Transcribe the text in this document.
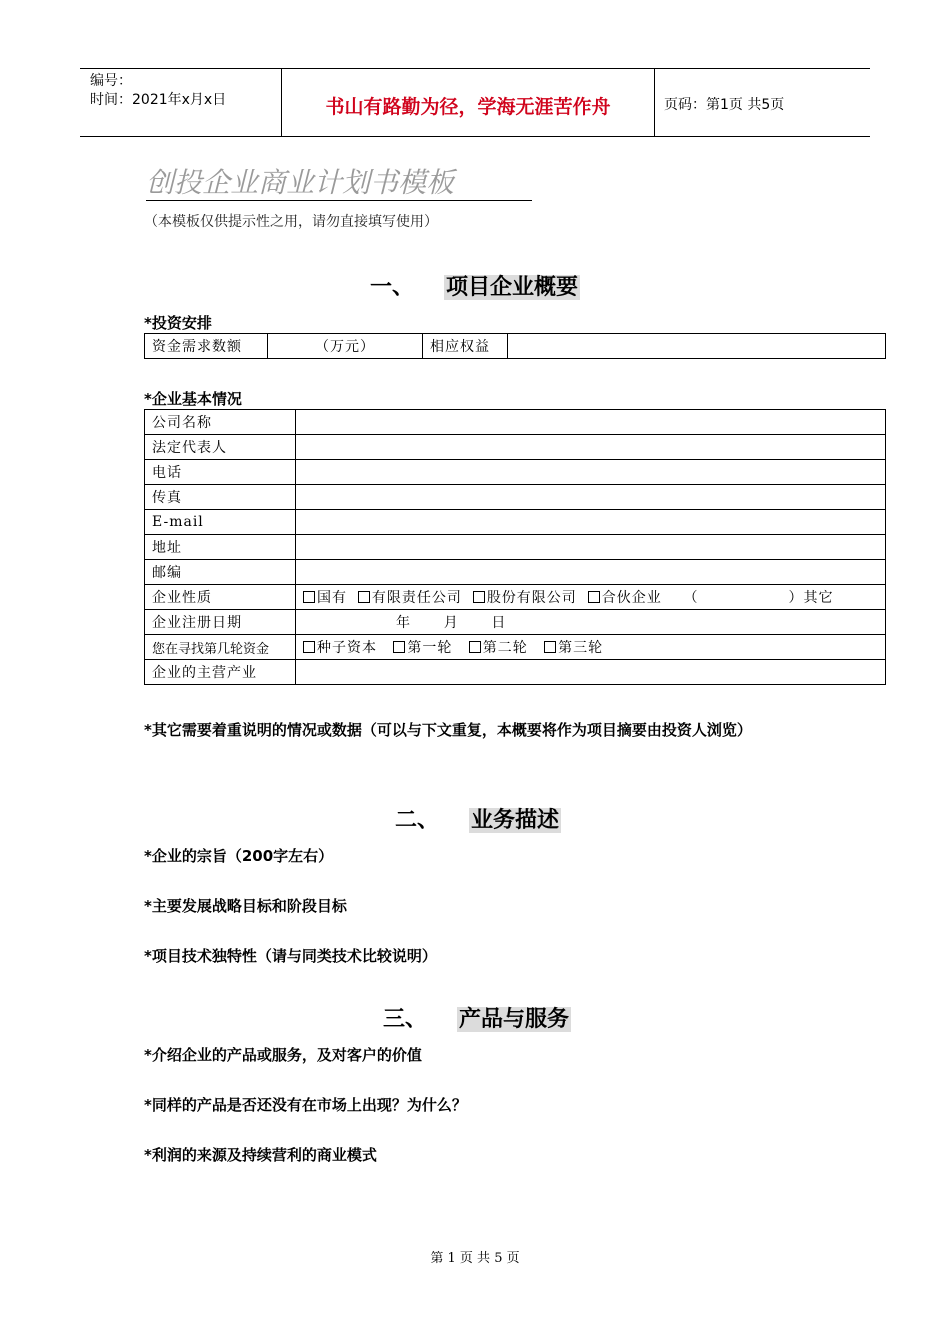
编号：
时间：2021年x月x日	书山有路勤为径，学海无涯苦作舟	页码：第1页 共5页
创投企业商业计划书模板
（本模板仅供提示性之用，请勿直接填写使用）
一、 项目企业概要
*投资安排
资金需求数额	（万元）	相应权益	
*企业基本情况
公司名称	
法定代表人	
电话	
传真	
E-mail	
地址	
邮编	
企业性质	国有 有限责任公司 股份有限公司 合伙企业 （ ）其它
企业注册日期	年      月      日
您在寻找第几轮资金	种子资本 第一轮 第二轮 第三轮
企业的主营产业	
*其它需要着重说明的情况或数据（可以与下文重复，本概要将作为项目摘要由投资人浏览）
二、 业务描述
*企业的宗旨（200字左右）
*主要发展战略目标和阶段目标
*项目技术独特性（请与同类技术比较说明）
三、 产品与服务
*介绍企业的产品或服务，及对客户的价值
*同样的产品是否还没有在市场上出现？为什么？
*利润的来源及持续营利的商业模式
第 1 页 共 5 页
